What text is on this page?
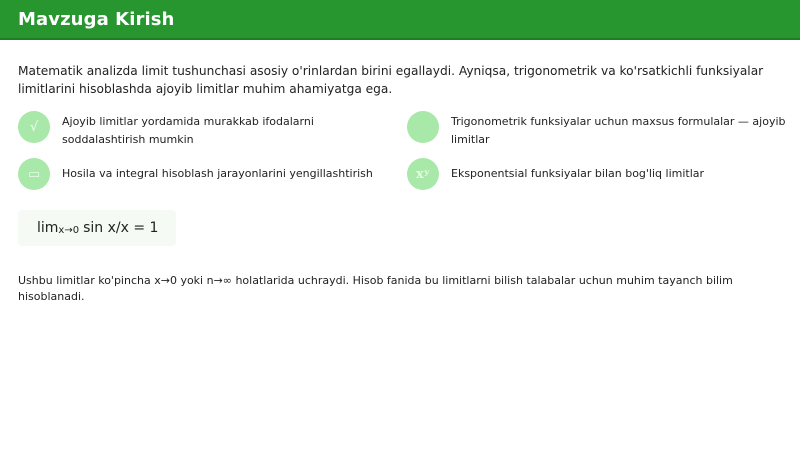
Mavzuga Kirish

Matematik analizda limit tushunchasi asosiy o'rinlardan birini egallaydi. Ayniqsa, trigonometrik va ko'rsatkichli funksiyalar limitlarini hisoblashda ajoyib limitlar muhim ahamiyatga ega.

√ Ajoyib limitlar yordamida murakkab ifodalarni soddalashtirish mumkin
Trigonometrik funksiyalar uchun maxsus formulalar — ajoyib limitlar
▭ Hosila va integral hisoblash jarayonlarini yengillashtirish	xʸ Eksponentsial funksiyalar bilan bog'liq limitlar
lim x→0 sin x/x = 1

Ushbu limitlar ko'pincha x→0 yoki n→∞ holatlarida uchraydi. Hisob fanida bu limitlarni bilish talabalar uchun muhim tayanch bilim hisoblanadi.
